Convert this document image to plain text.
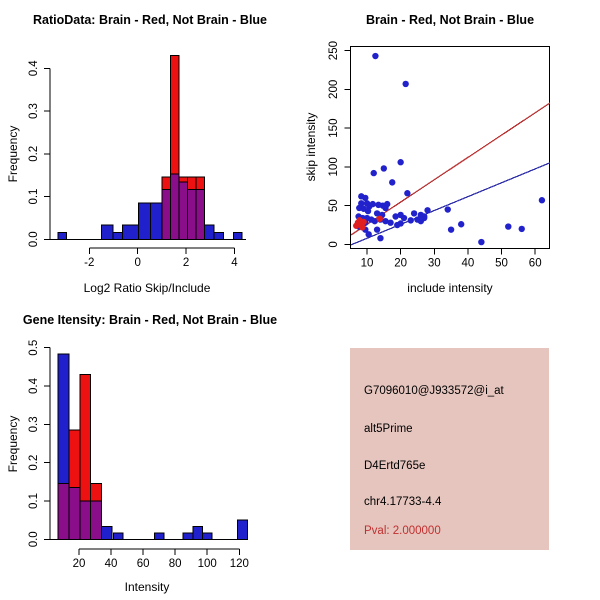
0.0
0.1
0.2
0.3
0.4
-2	0	2	4
RatioData: Brain - Red, Not Brain - Blue
Log2 Ratio Skip/Include
Frequency
10 20 30 40 50 60
0
50
100
150
200
250
Brain - Red, Not Brain - Blue
include intensity
skip intensity
0.0
0.1
0.2
0.3
0.4
0.5
20 40 60 80 100 120
Gene Itensity: Brain - Red, Not Brain - Blue
Intensity
Frequency
G7096010@J933572@i_at
alt5Prime
D4Ertd765e
chr4.17733-4.4
Pval: 2.000000
